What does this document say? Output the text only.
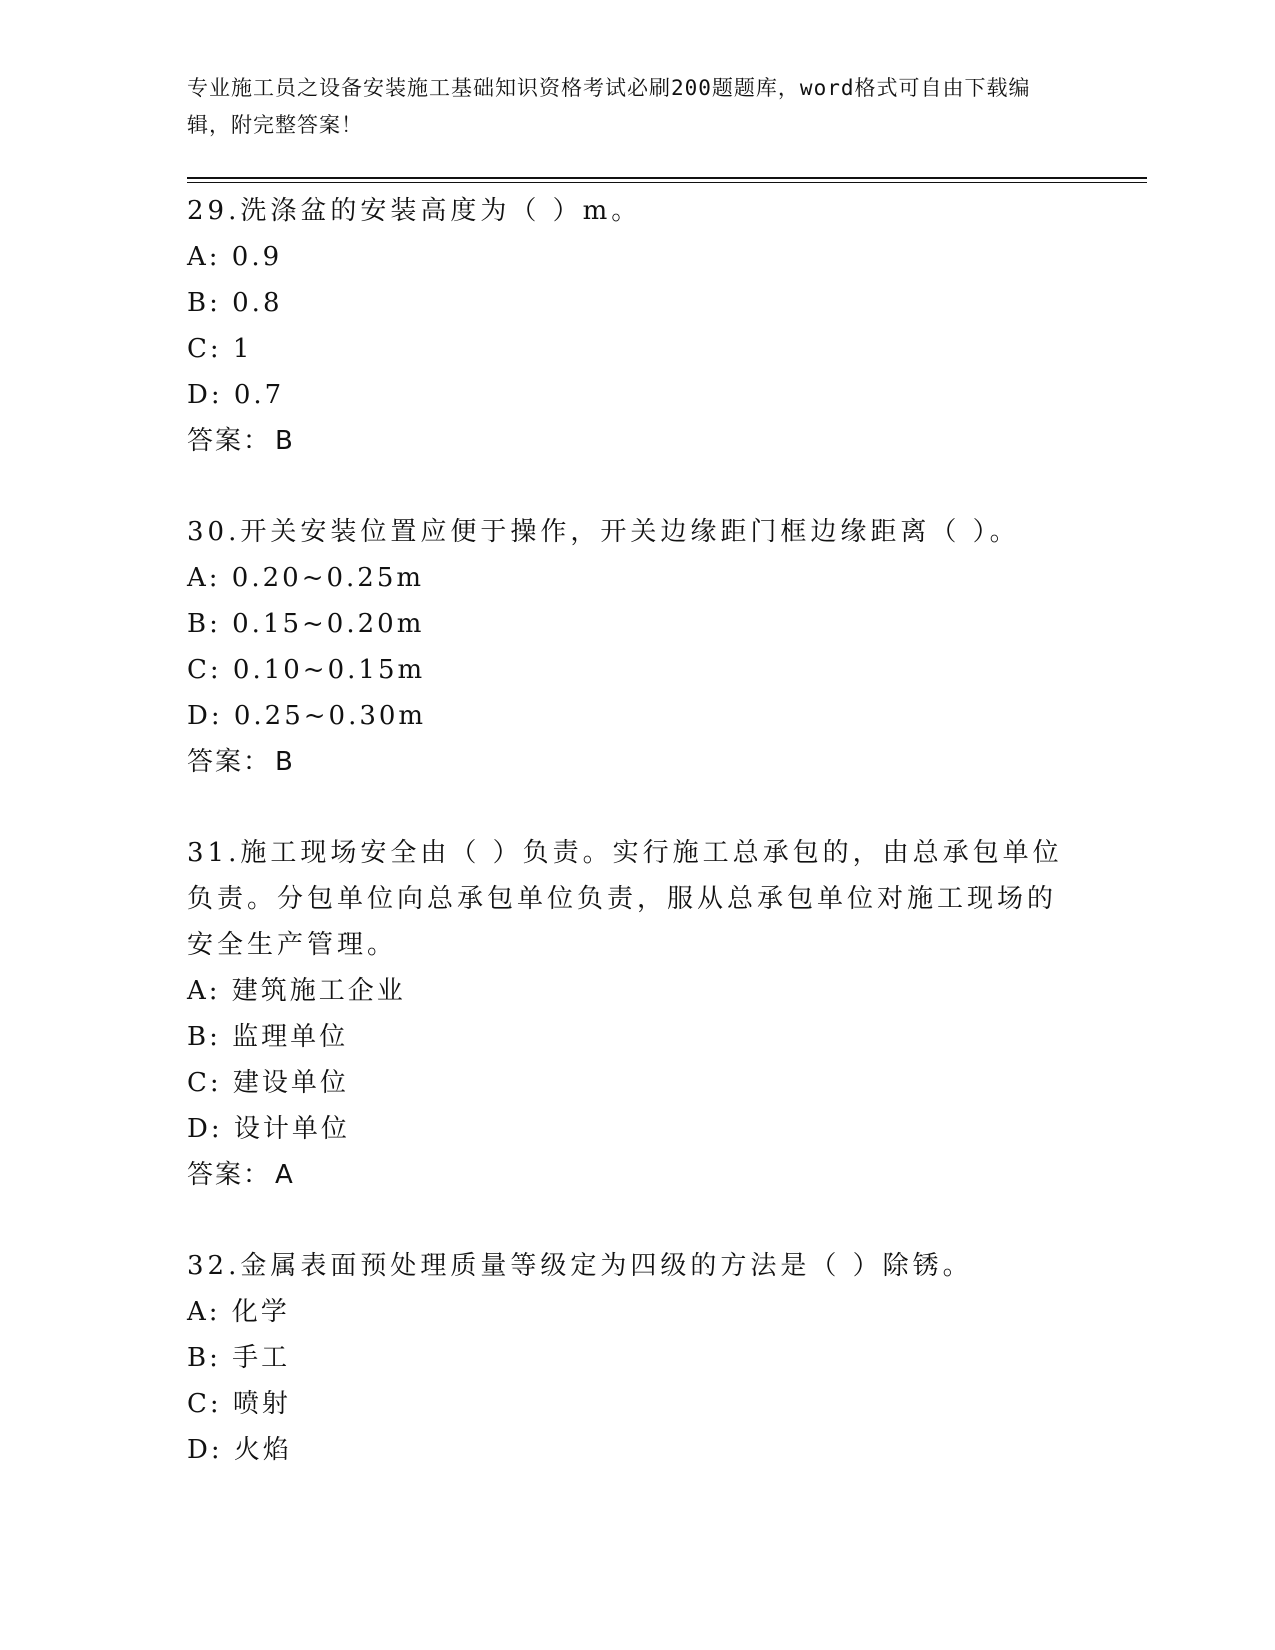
专业施工员之设备安装施工基础知识资格考试必刷200题题库，word格式可自由下载编辑，附完整答案！

29.洗涤盆的安装高度为（ ）m。

A: 0.9

B: 0.8

C: 1

D: 0.7

答案： B

30.开关安装位置应便于操作，开关边缘距门框边缘距离（ ）。

A: 0.20~0.25m

B: 0.15~0.20m

C: 0.10~0.15m

D: 0.25~0.30m

答案： B

31.施工现场安全由（ ）负责。实行施工总承包的，由总承包单位负责。分包单位向总承包单位负责，服从总承包单位对施工现场的安全生产管理。

A: 建筑施工企业

B: 监理单位

C: 建设单位

D: 设计单位

答案： A

32.金属表面预处理质量等级定为四级的方法是（ ）除锈。

A: 化学

B: 手工

C: 喷射

D: 火焰
